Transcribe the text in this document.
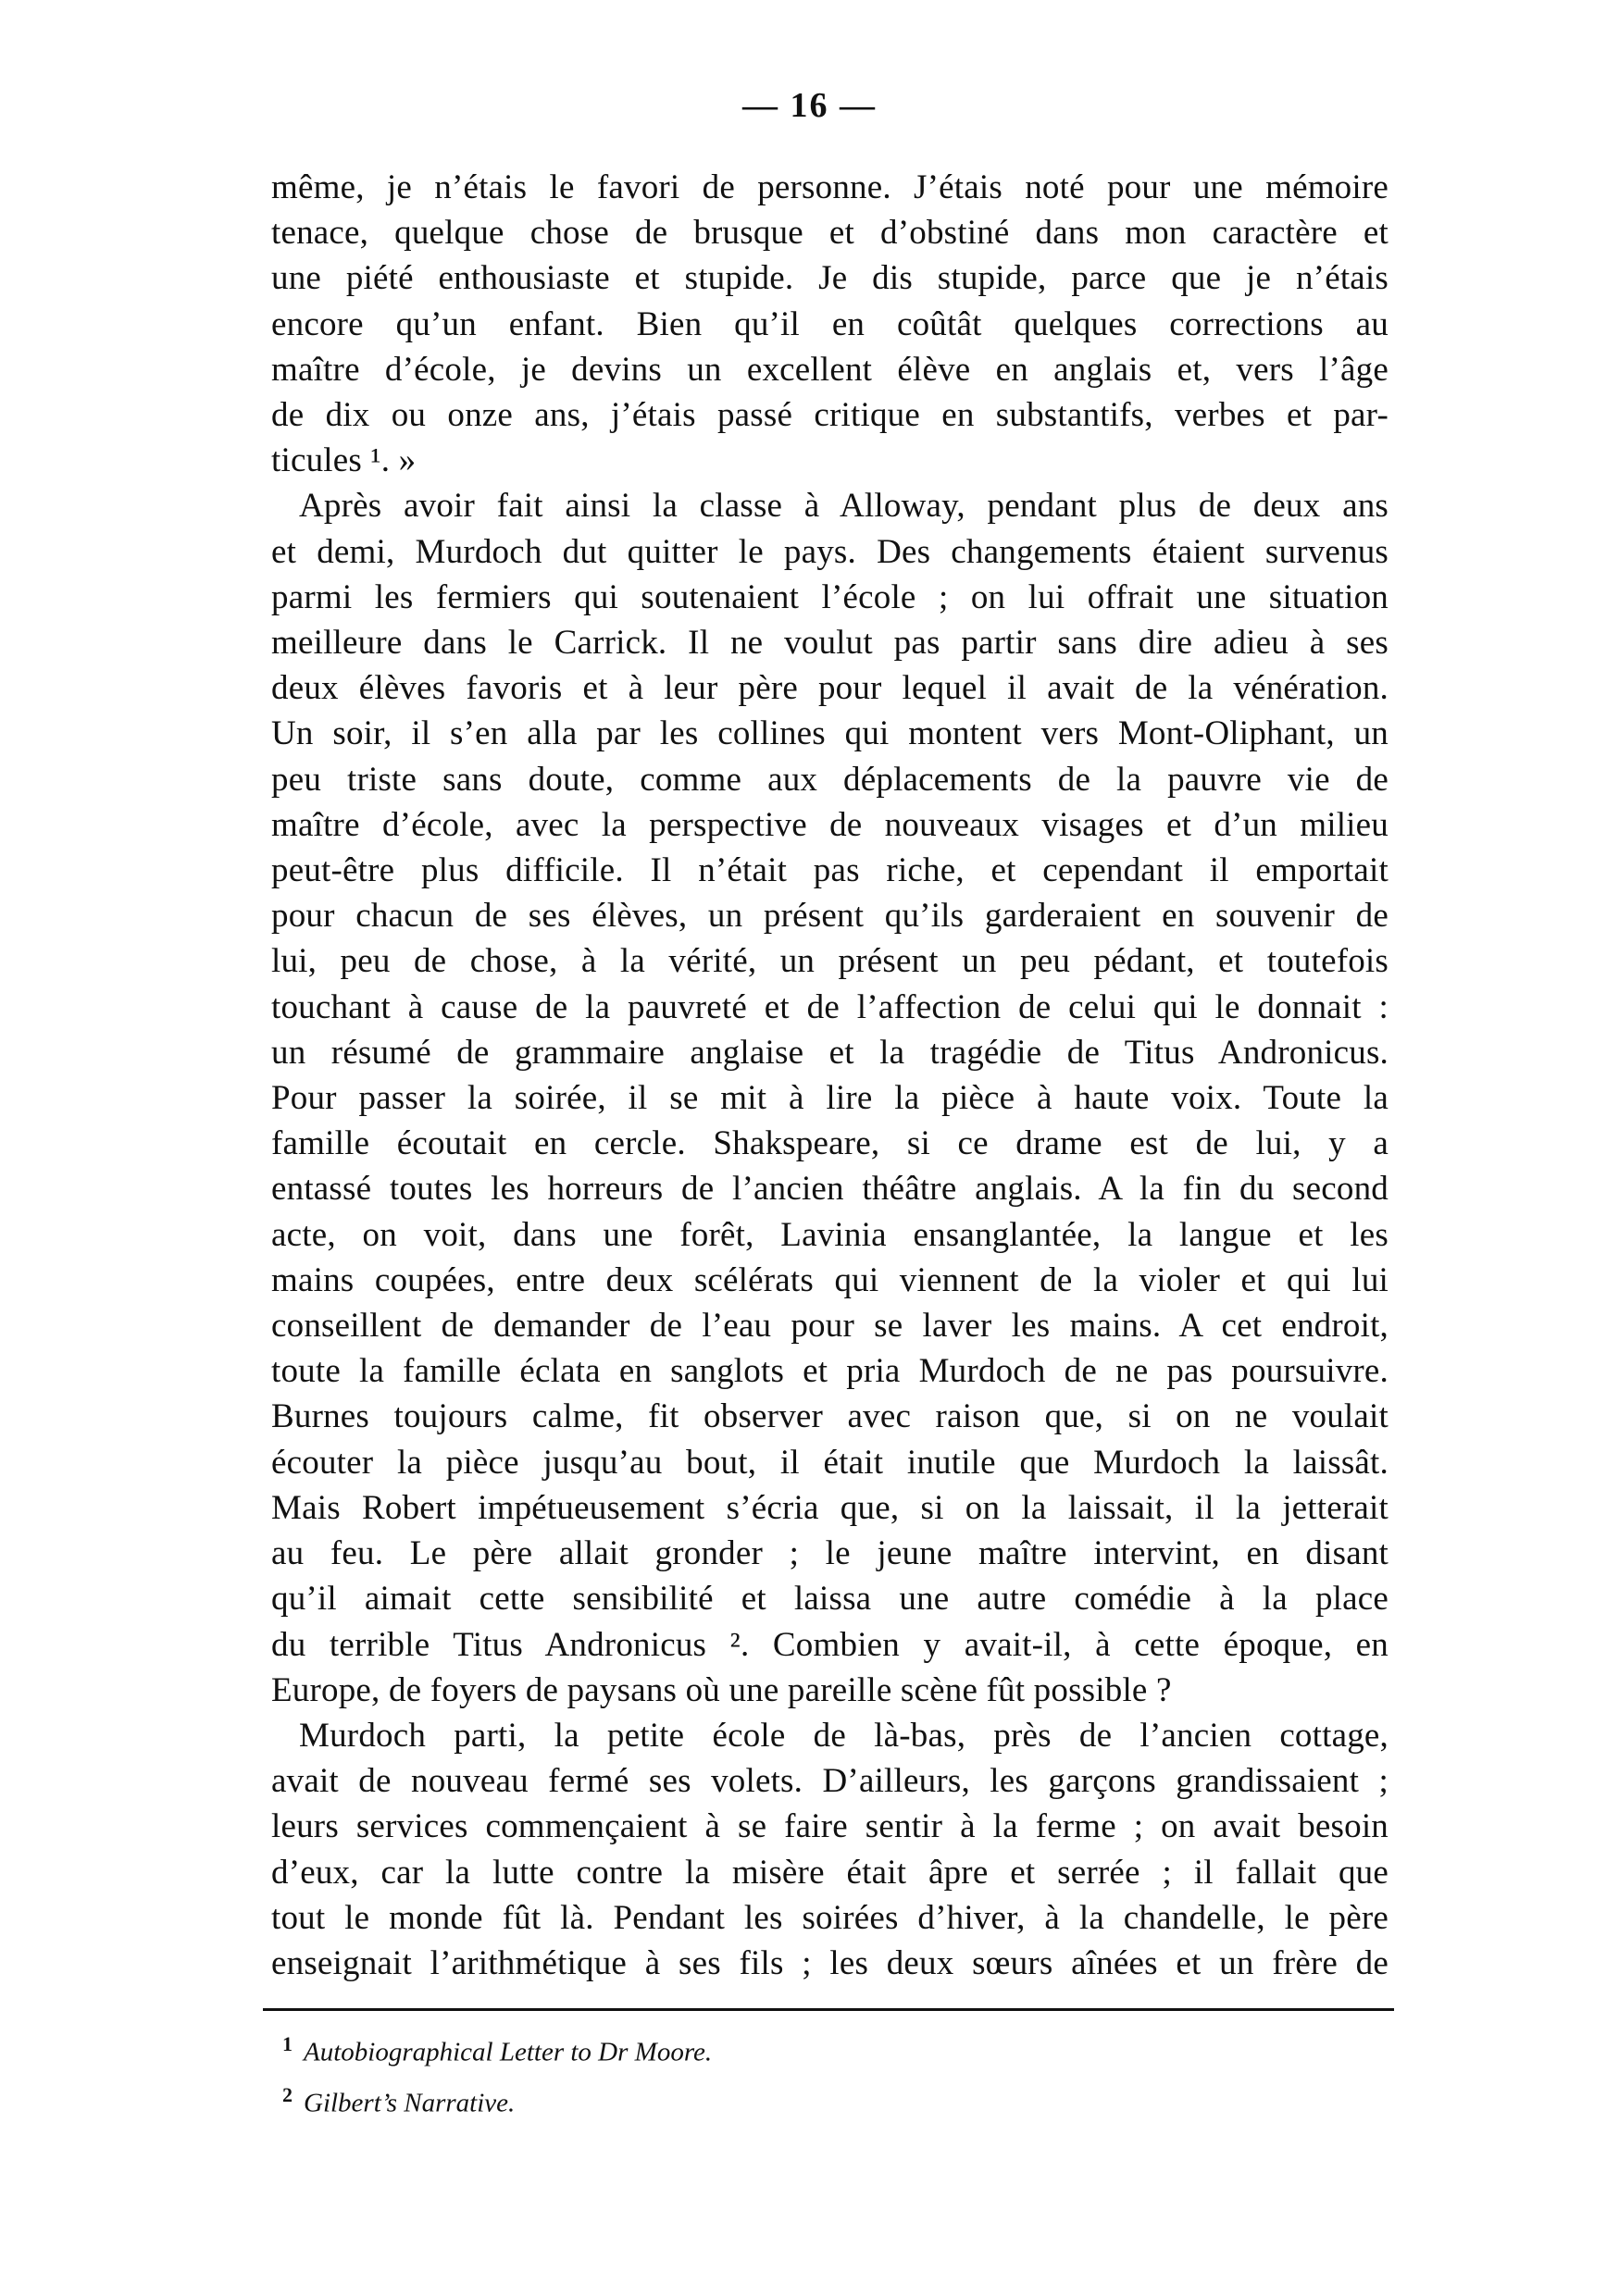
— 16 —
même, je n’étais le favori de personne. J’étais noté pour une mémoire
tenace, quelque chose de brusque et d’obstiné dans mon caractère et
une piété enthousiaste et stupide. Je dis stupide, parce que je n’étais
encore qu’un enfant. Bien qu’il en coûtât quelques corrections au
maître d’école, je devins un excellent élève en anglais et, vers l’âge
de dix ou onze ans, j’étais passé critique en substantifs, verbes et par-
ticules ¹. »
Après avoir fait ainsi la classe à Alloway, pendant plus de deux ans
et demi, Murdoch dut quitter le pays. Des changements étaient survenus
parmi les fermiers qui soutenaient l’école ; on lui offrait une situation
meilleure dans le Carrick. Il ne voulut pas partir sans dire adieu à ses
deux élèves favoris et à leur père pour lequel il avait de la vénération.
Un soir, il s’en alla par les collines qui montent vers Mont-Oliphant, un
peu triste sans doute, comme aux déplacements de la pauvre vie de
maître d’école, avec la perspective de nouveaux visages et d’un milieu
peut-être plus difficile. Il n’était pas riche, et cependant il emportait
pour chacun de ses élèves, un présent qu’ils garderaient en souvenir de
lui, peu de chose, à la vérité, un présent un peu pédant, et toutefois
touchant à cause de la pauvreté et de l’affection de celui qui le donnait :
un résumé de grammaire anglaise et la tragédie de Titus Andronicus.
Pour passer la soirée, il se mit à lire la pièce à haute voix. Toute la
famille écoutait en cercle. Shakspeare, si ce drame est de lui, y a
entassé toutes les horreurs de l’ancien théâtre anglais. A la fin du second
acte, on voit, dans une forêt, Lavinia ensanglantée, la langue et les
mains coupées, entre deux scélérats qui viennent de la violer et qui lui
conseillent de demander de l’eau pour se laver les mains. A cet endroit,
toute la famille éclata en sanglots et pria Murdoch de ne pas poursuivre.
Burnes toujours calme, fit observer avec raison que, si on ne voulait
écouter la pièce jusqu’au bout, il était inutile que Murdoch la laissât.
Mais Robert impétueusement s’écria que, si on la laissait, il la jetterait
au feu. Le père allait gronder ; le jeune maître intervint, en disant
qu’il aimait cette sensibilité et laissa une autre comédie à la place
du terrible Titus Andronicus ². Combien y avait-il, à cette époque, en
Europe, de foyers de paysans où une pareille scène fût possible ?
Murdoch parti, la petite école de là-bas, près de l’ancien cottage,
avait de nouveau fermé ses volets. D’ailleurs, les garçons grandissaient ;
leurs services commençaient à se faire sentir à la ferme ; on avait besoin
d’eux, car la lutte contre la misère était âpre et serrée ; il fallait que
tout le monde fût là. Pendant les soirées d’hiver, à la chandelle, le père
enseignait l’arithmétique à ses fils ; les deux sœurs aînées et un frère de
$^1$ Autobiographical Letter to Dr Moore.
$^2$ Gilbert’s Narrative.
